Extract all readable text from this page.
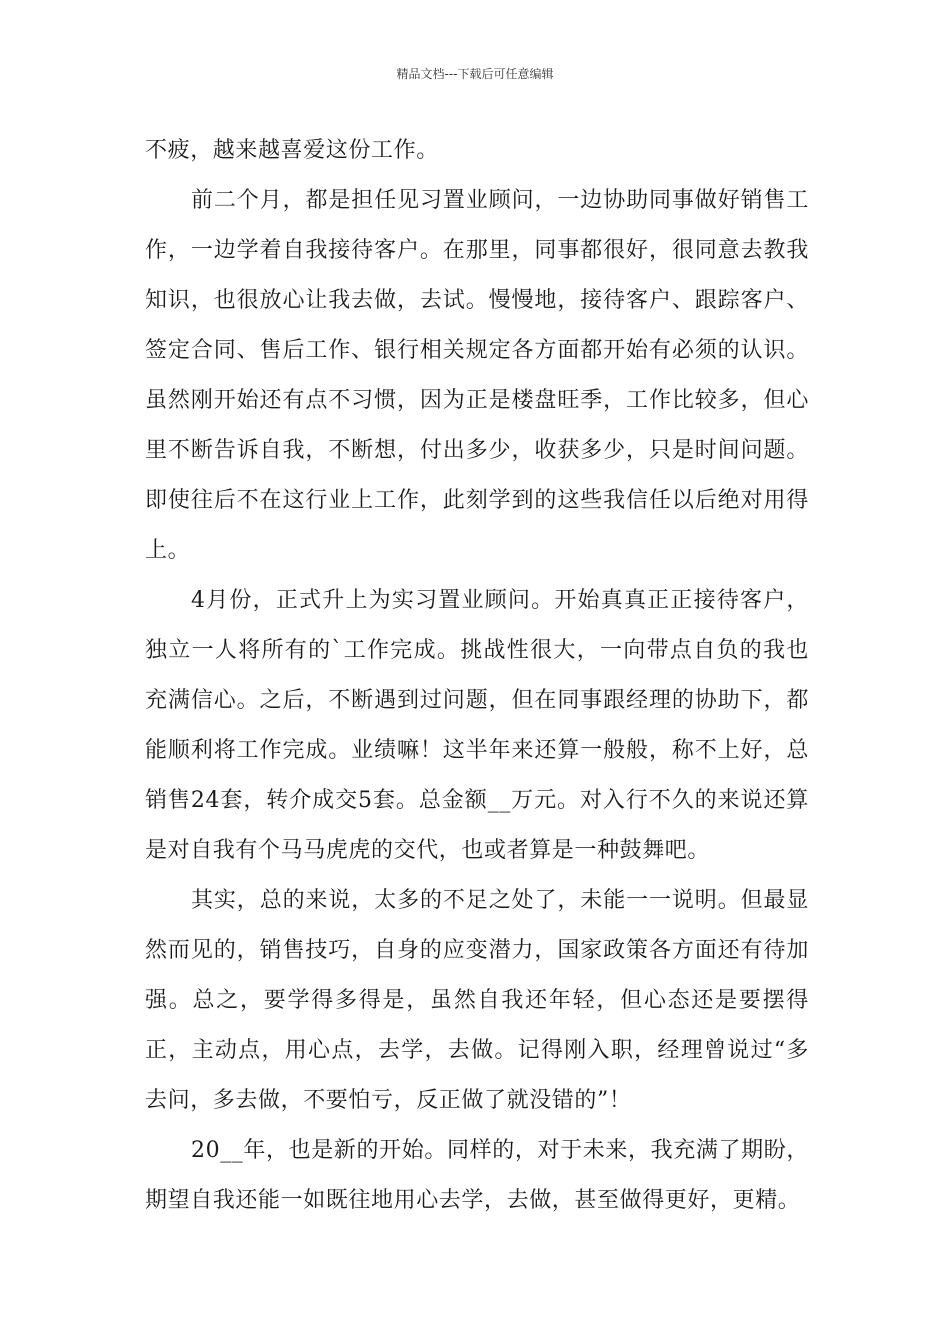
精品文档---下载后可任意编辑

不疲，越来越喜爱这份工作。

前二个月，都是担任见习置业顾问，一边协助同事做好销售工作，一边学着自我接待客户。在那里，同事都很好，很同意去教我知识，也很放心让我去做，去试。慢慢地，接待客户、跟踪客户、签定合同、售后工作、银行相关规定各方面都开始有必须的认识。虽然刚开始还有点不习惯，因为正是楼盘旺季，工作比较多，但心里不断告诉自我，不断想，付出多少，收获多少，只是时间问题。即使往后不在这行业上工作，此刻学到的这些我信任以后绝对用得上。

4月份，正式升上为实习置业顾问。开始真真正正接待客户，独立一人将所有的`工作完成。挑战性很大，一向带点自负的我也充满信心。之后，不断遇到过问题，但在同事跟经理的协助下，都能顺利将工作完成。业绩嘛！这半年来还算一般般，称不上好，总销售24套，转介成交5套。总金额__万元。对入行不久的来说还算是对自我有个马马虎虎的交代，也或者算是一种鼓舞吧。

其实，总的来说，太多的不足之处了，未能一一说明。但最显然而见的，销售技巧，自身的应变潜力，国家政策各方面还有待加强。总之，要学得多得是，虽然自我还年轻，但心态还是要摆得正，主动点，用心点，去学，去做。记得刚入职，经理曾说过“多去问，多去做，不要怕亏，反正做了就没错的”！

20__年，也是新的开始。同样的，对于未来，我充满了期盼，期望自我还能一如既往地用心去学，去做，甚至做得更好，更精。
